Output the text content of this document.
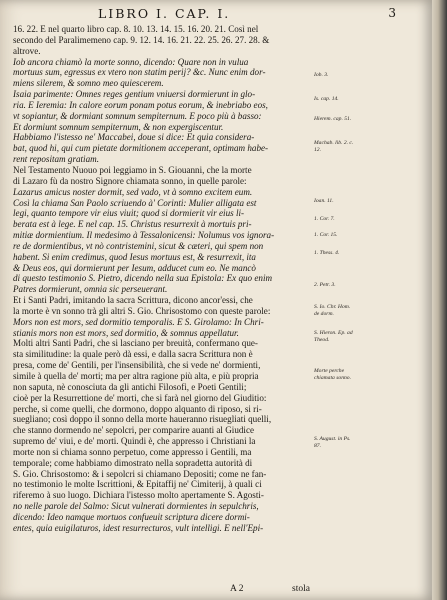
LIBRO I. CAP. I.	3
16. 22. E nel quarto libro cap. 8. 10. 13. 14. 15. 16. 20. 21. Così nel
secondo del Paralimemeno cap. 9. 12. 14. 16. 21. 22. 25. 26. 27. 28. &
altrove.
Iob ancora chiamò la morte sonno, dicendo: Quare non in vulua
mortuus sum, egressus ex vtero non statim perij? &c. Nunc enim dor-
miens silerem, & somno meo quiescerem.
Isaia parimente: Omnes reges gentium vniuersi dormierunt in glo-
ria. E Ieremia: In calore eorum ponam potus eorum, & inebriabo eos,
vt sopiantur, & dormiant somnum sempiternum. E poco più à basso:
Et dormiunt somnum sempiternum, & non expergiscentur.
Habbiamo l'istesso ne' Maccabei, doue si dice: Et quia considera-
bat, quod hi, qui cum pietate dormitionem acceperant, optimam habe-
rent repositam gratiam.
Nel Testamento Nuouo poi leggiamo in S. Giouanni, che la morte
di Lazaro fù da nostro Signore chiamata sonno, in quelle parole:
Lazarus amicus noster dormit, sed vado, vt à somno excitem eum.
Così la chiama San Paolo scriuendo à' Corinti: Mulier alligata est
legi, quanto tempore vir eius viuit; quod si dormierit vir eius li-
berata est à lege. E nel cap. 15. Christus resurrexit à mortuis pri-
mitiæ dormientium. Il medesimo à Tessalonicensi: Nolumus vos ignora-
re de dormientibus, vt nò contristemini, sicut & cæteri, qui spem non
habent. Si enim credimus, quod Iesus mortuus est, & resurrexit, ita
& Deus eos, qui dormierunt per Iesum, adducet cum eo. Ne mancò
di questo testimonio S. Pietro, dicendo nella sua Epistola: Ex quo enim
Patres dormierunt, omnia sic perseuerant.
Et i Santi Padri, imitando la sacra Scrittura, dicono ancor'essi, che
la morte è vn sonno trà gli altri S. Gio. Chrisostomo con queste parole:
Mors non est mors, sed dormitio temporalis. E S. Girolamo: In Chri-
stianis mors non est mors, sed dormitio, & somnus appellatur.
Molti altri Santi Padri, che si lasciano per breuità, confermano que-
sta similitudine: la quale però dà essi, e dalla sacra Scrittura non è
presa, come de' Gentili, per l'insensibilità, che si vede ne' dormienti,
simile à quella de' morti; ma per altra ragione più alta, e più propria
non saputa, nè conosciuta da gli antichi Filosofi, e Poeti Gentili;
cioè per la Resurrettione de' morti, che si farà nel giorno del Giuditio:
perche, sì come quelli, che dormono, doppo alquanto di riposo, si ri-
suegliano; così doppo il sonno della morte haueranno risuegliati quelli,
che stanno dormendo ne' sepolcri, per comparire auanti al Giudice
supremo de' viui, e de' morti. Quindi è, che appresso i Christiani la
morte non si chiama sonno perpetuo, come appresso i Gentili, ma
temporale; come habbiamo dimostrato nella sopradetta autorità di
S. Gio. Chrisostomo: & i sepolcri si chiamano Depositi; come ne fan-
no testimonio le molte Iscrittioni, & Epitaffij ne' Cimiterij, à quali ci
riferemo à suo luogo. Dichiara l'istesso molto apertamente S. Agosti-
no nelle parole del Salmo: Sicut vulnerati dormientes in sepulchris,
dicendo: Ideo namque mortuos confueuit scriptura dicere dormi-
entes, quia euigilaturos, idest resurrecturos, vult intelligi. E nell'Epi-
Iob. 3.
Is. cap. 14.
Hierem. cap. 51.
Machab. lib. 2. c. 12.
Ioan. 11.
1. Cor. 7.
1. Cor. 15.
1. Thess. 4.
2. Petr. 3.
S. Io. Chr. Hom. de dorm.
S. Hieron. Ep. ad Theod.
Morte perche chiamata sonno.
S. August. in Ps. 87.
A 2	stola
